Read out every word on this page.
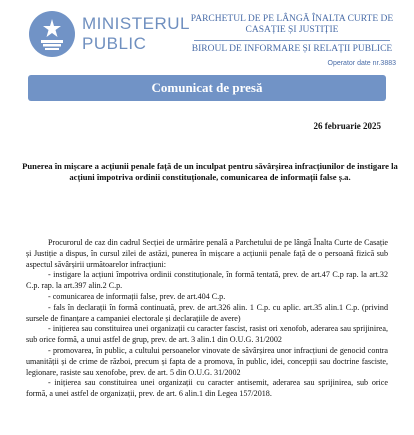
MINISTERUL
PUBLIC
PARCHETUL DE PE LÂNGĂ ÎNALTA CURTE DE
CASAȚIE ȘI JUSTIȚIE
BIROUL DE INFORMARE ȘI RELAȚII PUBLICE
Operator date nr.3883
Comunicat de presă
26 februarie 2025
Punerea în mișcare a acțiunii penale față de un inculpat pentru săvârșirea infracțiunilor de instigare la acțiuni împotriva ordinii constituționale, comunicarea de informații false ș.a.

Procurorul de caz din cadrul Secției de urmărire penală a Parchetului de pe lângă Înalta Curte de Casație și Justiție a dispus, în cursul zilei de astăzi, punerea în mișcare a acțiunii penale față de o persoană fizică sub aspectul săvârșirii următoarelor infracțiuni:

- instigare la acțiuni împotriva ordinii constituționale, în formă tentată, prev. de art.47 C.p rap. la art.32 C.p. rap. la art.397 alin.2 C.p.

- comunicarea de informații false, prev. de art.404 C.p.

- fals în declarații în formă continuată, prev. de art.326 alin. 1 C.p. cu aplic. art.35 alin.1 C.p. (privind sursele de finanțare a campaniei electorale și declarațiile de avere)

- inițierea sau constituirea unei organizații cu caracter fascist, rasist ori xenofob, aderarea sau sprijinirea, sub orice formă, a unui astfel de grup, prev. de art. 3 alin.1 din O.U.G. 31/2002

- promovarea, în public, a cultului persoanelor vinovate de săvârșirea unor infracțiuni de genocid contra umanității și de crime de război, precum și fapta de a promova, în public, idei, concepții sau doctrine fasciste, legionare, rasiste sau xenofobe, prev. de art. 5 din O.U.G. 31/2002

- inițierea sau constituirea unei organizații cu caracter antisemit, aderarea sau sprijinirea, sub orice formă, a unei astfel de organizații, prev. de art. 6 alin.1 din Legea 157/2018.
